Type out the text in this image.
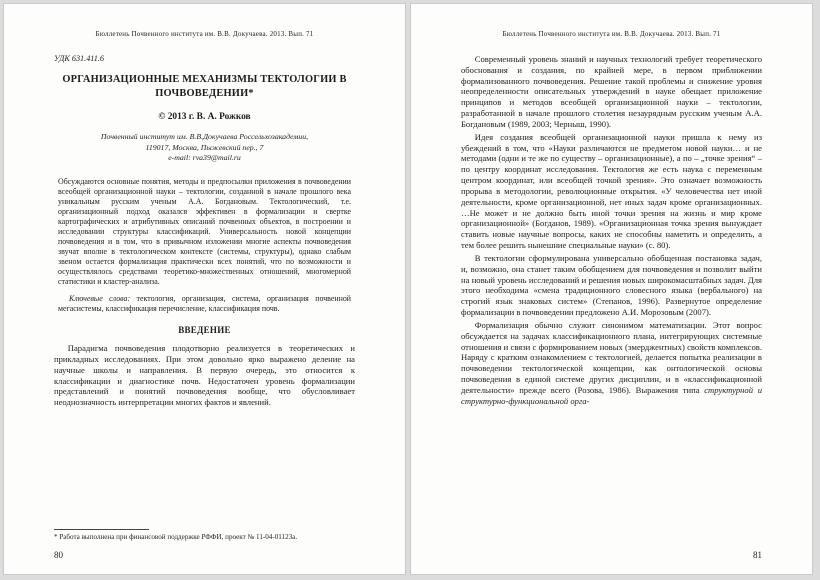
Бюллетень Почвенного института им. В.В. Докучаева. 2013. Вып. 71
УДК 631.411.6
ОРГАНИЗАЦИОННЫЕ МЕХАНИЗМЫ ТЕКТОЛОГИИ В ПОЧВОВЕДЕНИИ*
© 2013 г. В. А. Рожков
Почвенный институт им. В.В.Докучаева Россельхозакадемии,
119017, Москва, Пыжевский пер., 7
e-mail: rva39@mail.ru

Обсуждаются основные понятия, методы и предпосылки приложения в почвоведении всеобщей организационной науки – тектологии, созданной в начале прошлого века уникальным русским ученым А.А. Богдановым. Тектологический, т.е. организационный подход оказался эффективен в формализации и свертке картографических и атрибутивных описаний почвенных объектов, в построении и исследовании структуры классификаций. Универсальность новой концепции почвоведения и в том, что в привычном изложении многие аспекты почвоведения звучат вполне в тектологическом контексте (системы, структуры), однако слабым звеном остается формализация практически всех понятий, что по возможности и осуществлялось средствами теоретико-множественных отношений, многомерной статистики и кластер-анализа.

Ключевые слова: тектология, организация, система, организация почвенной мегасистемы, классификация перечисление, классификация почв.

ВВЕДЕНИЕ

Парадигма почвоведения плодотворно реализуется в теоретических и прикладных исследованиях. При этом довольно ярко выражено деление на научные школы и направления. В первую очередь, это относится к классификации и диагностике почв. Недостаточен уровень формализации представлений и понятий почвоведения вообще, что обусловливает неоднозначность интерпретации многих фактов и явлений.

* Работа выполнена при финансовой поддержке РФФИ, проект № 11-04-01123а.
80
Бюллетень Почвенного института им. В.В. Докучаева. 2013. Вып. 71

Современный уровень знаний и научных технологий требует теоретического обоснования и создания, по крайней мере, в первом приближении формализованного почвоведения. Решение такой проблемы и снижение уровня неопределенности описательных утверждений в науке обещает приложение принципов и методов всеобщей организационной науки – тектологии, разработанной в начале прошлого столетия незаурядным русским ученым А.А. Богдановым (1989, 2003; Черныш, 1990).

Идея создания всеобщей организационной науки пришла к нему из убеждений в том, что «Науки различаются не предметом новой науки… и не методами (одни и те же по существу – организационные), а по – „точке зрения“ – по центру координат исследования. Тектология же есть наука с переменным центром координат, или всеобщей точкой зрения». Это означает возможность прорыва в методологии, революционные открытия. «У человечества нет иной деятельности, кроме организационной, нет иных задач кроме организационных. …Не может и не должно быть иной точки зрения на жизнь и мир кроме организационной» (Богданов, 1989). «Организационная точка зрения вынуждает ставить новые научные вопросы, каких не способны наметить и определить, а тем более решить нынешние специальные науки» (с. 80).

В тектологии сформулирована универсально обобщенная постановка задач, и, возможно, она станет таким обобщением для почвоведения и позволит выйти на новый уровень исследований и решения новых широкомасштабных задач. Для этого необходима «смена традиционного словесного языка (вербального) на строгий язык знаковых систем» (Степанов, 1996). Развернутое определение формализации в почвоведении предложено А.И. Морозовым (2007).

Формализация обычно служит синонимом математизации. Этот вопрос обсуждается на задачах классификационного плана, интегрирующих системные отношения и связи с формированием новых (эмерджентных) свойств комплексов. Наряду с кратким ознакомлением с тектологией, делается попытка реализации в почвоведении тектологической концепции, как онтологической основы почвоведения в единой системе других дисциплин, и в «классификационной деятельности» прежде всего (Розова, 1986). Выражения типа структурной и структурно-функциональной орга-

81
